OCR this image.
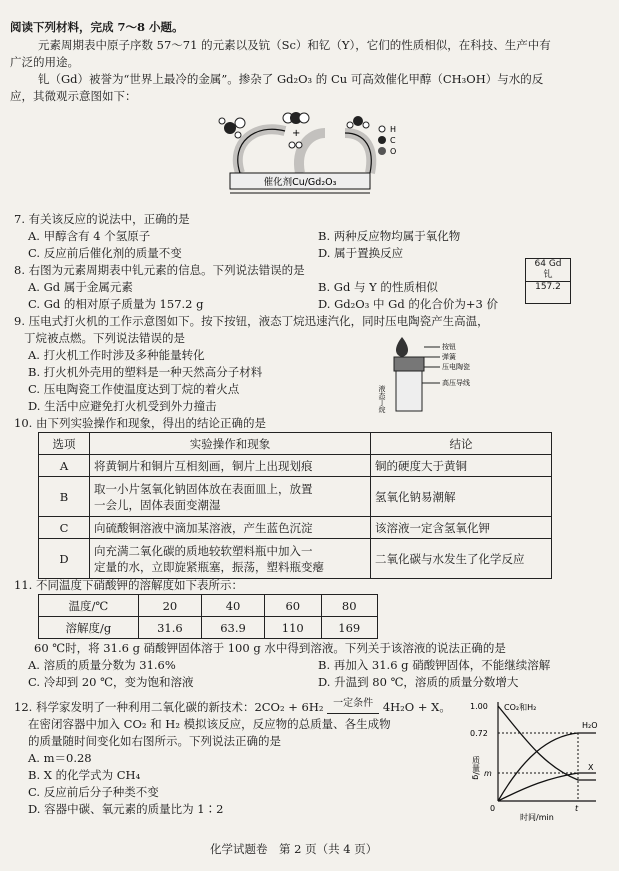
阅读下列材料，完成 7～8 小题。
元素周期表中原子序数 57～71 的元素以及钪（Sc）和钇（Y），它们的性质相似，在科技、生产中有
广泛的用途。
钆（Gd）被誉为“世界上最冷的金属”。掺杂了 Gd₂O₃ 的 Cu 可高效催化甲醇（CH₃OH）与水的反
应，其微观示意图如下：
+
催化剂Cu/Gd₂O₃
H
C
O
7. 有关该反应的说法中，正确的是
A. 甲醇含有 4 个氢原子	B. 两种反应物均属于氧化物
C. 反应前后催化剂的质量不变	D. 属于置换反应
8. 右图为元素周期表中钆元素的信息。下列说法错误的是
A. Gd 属于金属元素	B. Gd 与 Y 的性质相似
C. Gd 的相对原子质量为 157.2 g	D. Gd₂O₃ 中 Gd 的化合价为+3 价
64 Gd
钆
157.2
9. 压电式打火机的工作示意图如下。按下按钮，液态丁烷迅速汽化，同时压电陶瓷产生高温，
丁烷被点燃。下列说法错误的是
A. 打火机工作时涉及多种能量转化
B. 打火机外壳用的塑料是一种天然高分子材料
C. 压电陶瓷工作使温度达到丁烷的着火点
D. 生活中应避免打火机受到外力撞击	液态丁烷
按钮
弹簧
压电陶瓷
高压导线
10. 由下列实验操作和现象，得出的结论正确的是
选项	实验操作和现象	结论
A	将黄铜片和铜片互相刻画，铜片上出现划痕	铜的硬度大于黄铜
B	取一小片氢氧化钠固体放在表面皿上，放置
一会儿，固体表面变潮湿	氢氧化钠易潮解
C	向硫酸铜溶液中滴加某溶液，产生蓝色沉淀	该溶液一定含氢氧化钾
D	向充满二氧化碳的质地较软塑料瓶中加入一
定量的水，立即旋紧瓶塞，振荡，塑料瓶变瘪	二氧化碳与水发生了化学反应
11. 不同温度下硝酸钾的溶解度如下表所示：
温度/℃	20	40	60	80
溶解度/g	31.6	63.9	110	169
60 ℃时，将 31.6 g 硝酸钾固体溶于 100 g 水中得到溶液。下列关于该溶液的说法正确的是
A. 溶质的质量分数为 31.6%	B. 再加入 31.6 g 硝酸钾固体，不能继续溶解
C. 冷却到 20 ℃，变为饱和溶液	D. 升温到 80 ℃，溶质的质量分数增大
12. 科学家发明了一种利用二氧化碳的新技术：2CO₂ + 6H₂ 一定条件 4H₂O + X。
在密闭容器中加入 CO₂ 和 H₂ 模拟该反应，反应物的总质量、各生成物
的质量随时间变化如右图所示。下列说法正确的是
A. m＝0.28
B. X 的化学式为 CH₄
C. 反应前后分子种类不变
D. 容器中碳、氧元素的质量比为 1∶2
1.00
0.72
m
0	t
CO₂和H₂
H₂O
X
时间/min
质量/g
化学试题卷　第 2 页（共 4 页）
